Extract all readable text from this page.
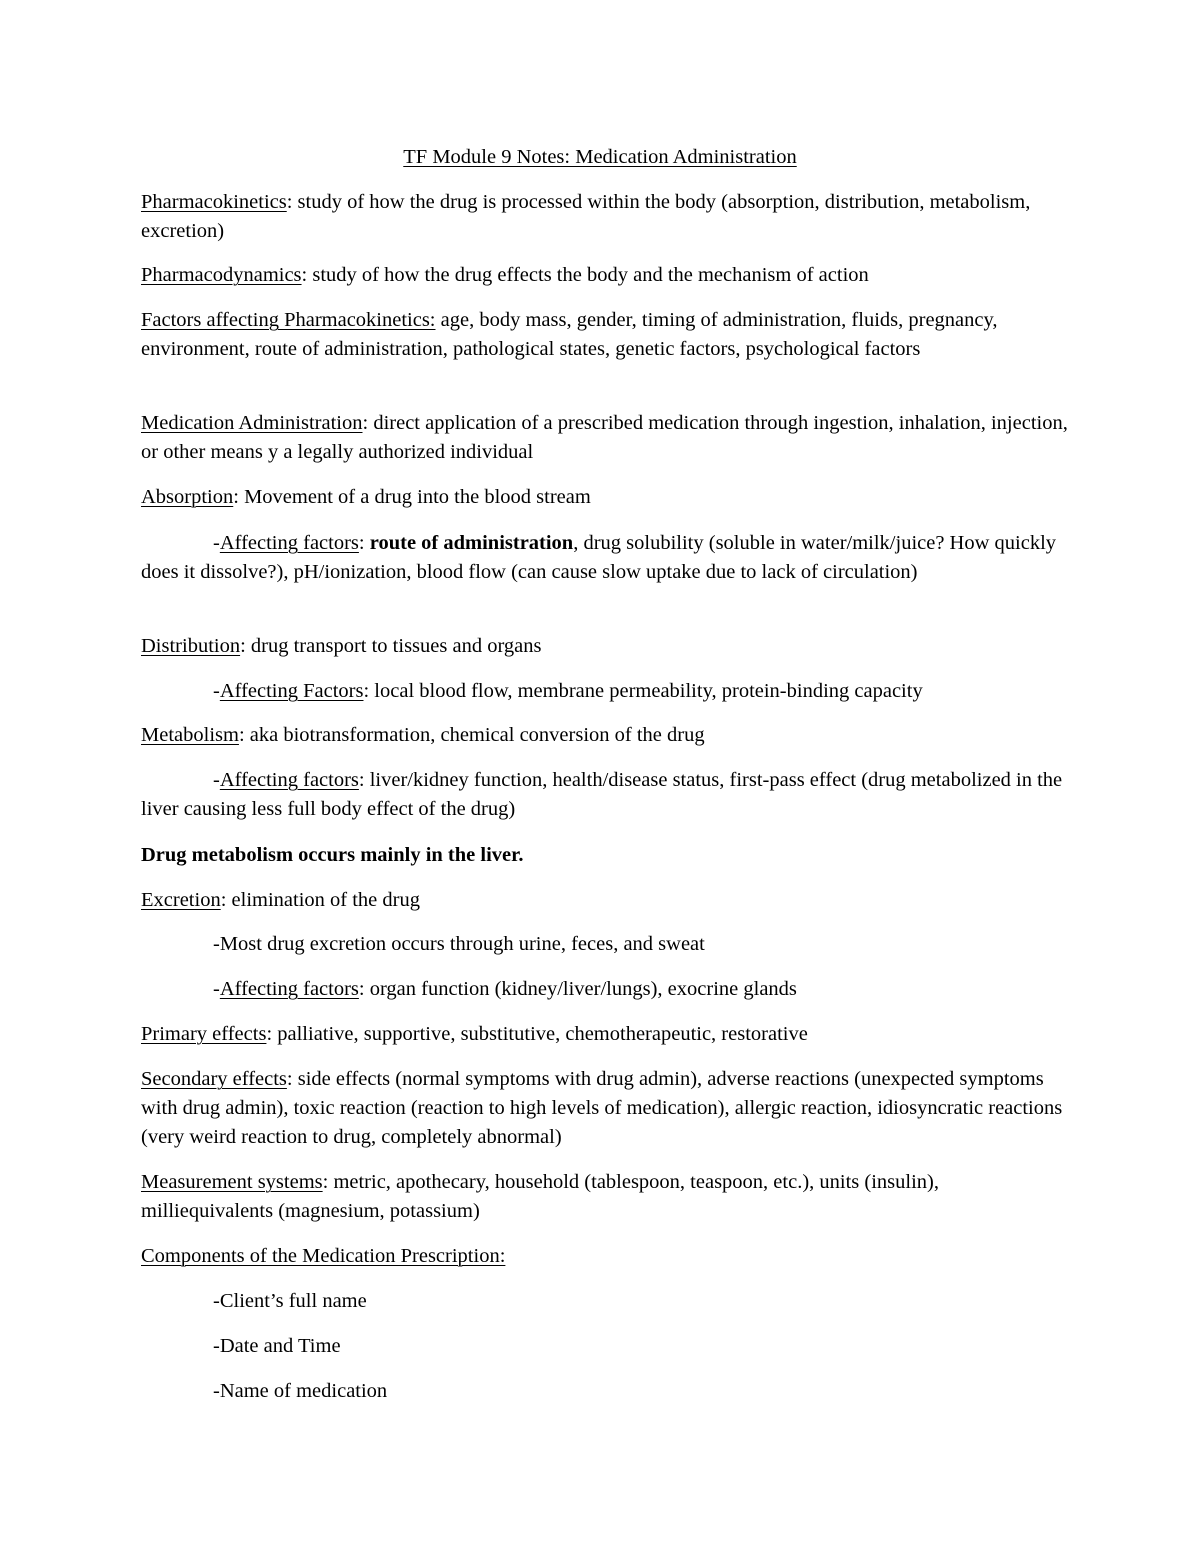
TF Module 9 Notes: Medication Administration

Pharmacokinetics: study of how the drug is processed within the body (absorption, distribution, metabolism, excretion)

Pharmacodynamics: study of how the drug effects the body and the mechanism of action

Factors affecting Pharmacokinetics: age, body mass, gender, timing of administration, fluids, pregnancy, environment, route of administration, pathological states, genetic factors, psychological factors

Medication Administration: direct application of a prescribed medication through ingestion, inhalation, injection, or other means y a legally authorized individual

Absorption: Movement of a drug into the blood stream

-Affecting factors: route of administration, drug solubility (soluble in water/milk/juice? How quickly does it dissolve?), pH/ionization, blood flow (can cause slow uptake due to lack of circulation)

Distribution: drug transport to tissues and organs

-Affecting Factors: local blood flow, membrane permeability, protein-binding capacity

Metabolism: aka biotransformation, chemical conversion of the drug

-Affecting factors: liver/kidney function, health/disease status, first-pass effect (drug metabolized in the liver causing less full body effect of the drug)

Drug metabolism occurs mainly in the liver.

Excretion: elimination of the drug

-Most drug excretion occurs through urine, feces, and sweat

-Affecting factors: organ function (kidney/liver/lungs), exocrine glands

Primary effects: palliative, supportive, substitutive, chemotherapeutic, restorative

Secondary effects: side effects (normal symptoms with drug admin), adverse reactions (unexpected symptoms with drug admin), toxic reaction (reaction to high levels of medication), allergic reaction, idiosyncratic reactions (very weird reaction to drug, completely abnormal)

Measurement systems: metric, apothecary, household (tablespoon, teaspoon, etc.), units (insulin), milliequivalents (magnesium, potassium)

Components of the Medication Prescription:

-Client’s full name

-Date and Time

-Name of medication
